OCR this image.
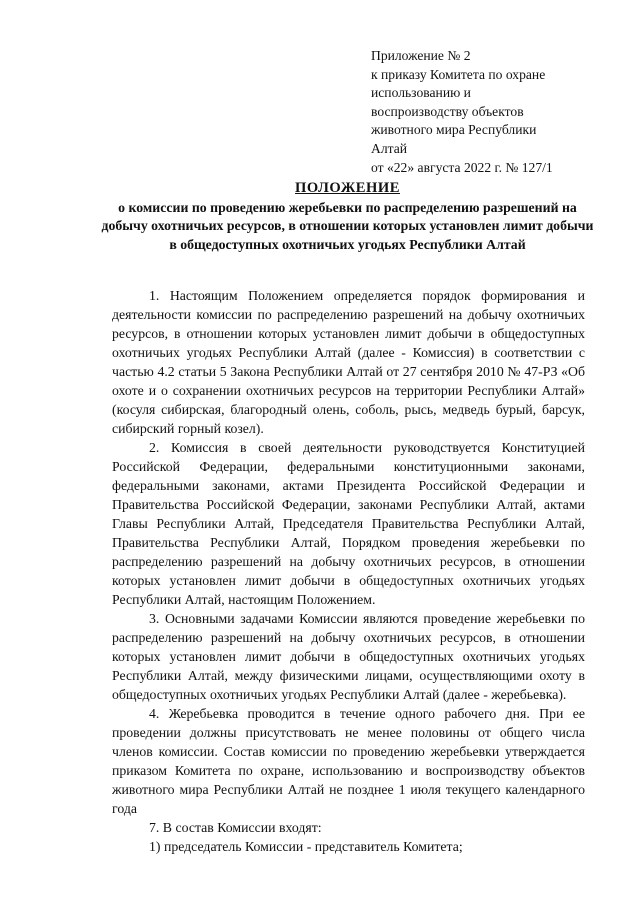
Приложение № 2
к приказу Комитета по охране
использованию и
воспроизводству объектов
животного мира Республики
Алтай
от «22» августа 2022 г. № 127/1
ПОЛОЖЕНИЕ
о комиссии по проведению жеребьевки по распределению разрешений на добычу охотничьих ресурсов, в отношении которых установлен лимит добычи в общедоступных охотничьих угодьях Республики Алтай

1. Настоящим Положением определяется порядок формирования и деятельности комиссии по распределению разрешений на добычу охотничьих ресурсов, в отношении которых установлен лимит добычи в общедоступных охотничьих угодьях Республики Алтай (далее - Комиссия) в соответствии с частью 4.2 статьи 5 Закона Республики Алтай от 27 сентября 2010 № 47-РЗ «Об охоте и о сохранении охотничьих ресурсов на территории Республики Алтай» (косуля сибирская, благородный олень, соболь, рысь, медведь бурый, барсук, сибирский горный козел).

2. Комиссия в своей деятельности руководствуется Конституцией Российской Федерации, федеральными конституционными законами, федеральными законами, актами Президента Российской Федерации и Правительства Российской Федерации, законами Республики Алтай, актами Главы Республики Алтай, Председателя Правительства Республики Алтай, Правительства Республики Алтай, Порядком проведения жеребьевки по распределению разрешений на добычу охотничьих ресурсов, в отношении которых установлен лимит добычи в общедоступных охотничьих угодьях Республики Алтай, настоящим Положением.

3. Основными задачами Комиссии являются проведение жеребьевки по распределению разрешений на добычу охотничьих ресурсов, в отношении которых установлен лимит добычи в общедоступных охотничьих угодьях Республики Алтай, между физическими лицами, осуществляющими охоту в общедоступных охотничьих угодьях Республики Алтай (далее - жеребьевка).

4. Жеребьевка проводится в течение одного рабочего дня. При ее проведении должны присутствовать не менее половины от общего числа членов комиссии. Состав комиссии по проведению жеребьевки утверждается приказом Комитета по охране, использованию и воспроизводству объектов животного мира Республики Алтай не позднее 1 июля текущего календарного года

7. В состав Комиссии входят:

1) председатель Комиссии - представитель Комитета;
